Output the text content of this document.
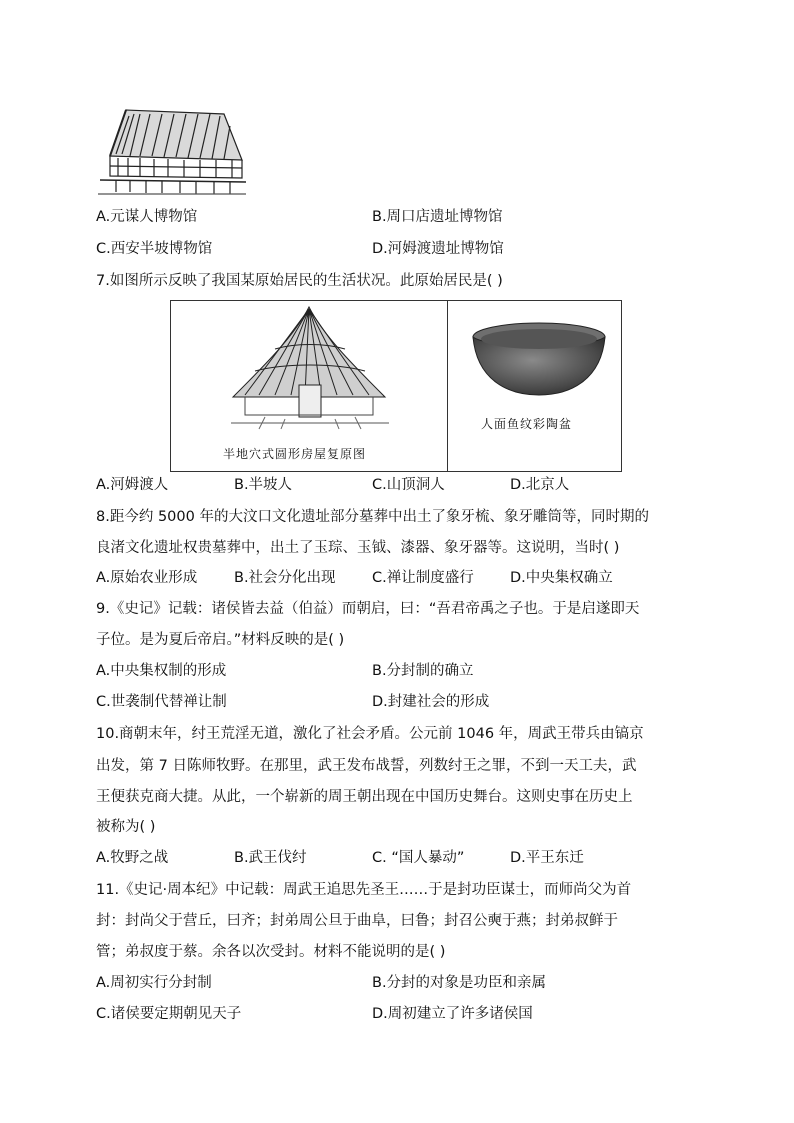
A.元谋人博物馆	B.周口店遗址博物馆
C.西安半坡博物馆	D.河姆渡遗址博物馆
7.如图所示反映了我国某原始居民的生活状况。此原始居民是( )
半地穴式圆形房屋复原图
人面鱼纹彩陶盆
A.河姆渡人	B.半坡人	C.山顶洞人	D.北京人
8.距今约 5000 年的大汶口文化遗址部分墓葬中出土了象牙梳、象牙雕筒等，同时期的
良渚文化遗址权贵墓葬中，出土了玉琮、玉钺、漆器、象牙器等。这说明，当时( )
A.原始农业形成	B.社会分化出现	C.禅让制度盛行	D.中央集权确立
9.《史记》记载：诸侯皆去益（伯益）而朝启，曰：“吾君帝禹之子也。于是启遂即天
子位。是为夏后帝启。”材料反映的是( )
A.中央集权制的形成	B.分封制的确立
C.世袭制代替禅让制	D.封建社会的形成
10.商朝末年，纣王荒淫无道，激化了社会矛盾。公元前 1046 年，周武王带兵由镐京
出发，第 7 日陈师牧野。在那里，武王发布战誓，列数纣王之罪，不到一天工夫，武
王便获克商大捷。从此，一个崭新的周王朝出现在中国历史舞台。这则史事在历史上
被称为( )
A.牧野之战	B.武王伐纣	C. “国人暴动”	D.平王东迁
11.《史记·周本纪》中记载：周武王追思先圣王……于是封功臣谋士，而师尚父为首
封：封尚父于营丘，曰齐；封弟周公旦于曲阜，曰鲁；封召公奭于燕；封弟叔鲜于
管；弟叔度于蔡。余各以次受封。材料不能说明的是( )
A.周初实行分封制	B.分封的对象是功臣和亲属
C.诸侯要定期朝见天子	D.周初建立了许多诸侯国
